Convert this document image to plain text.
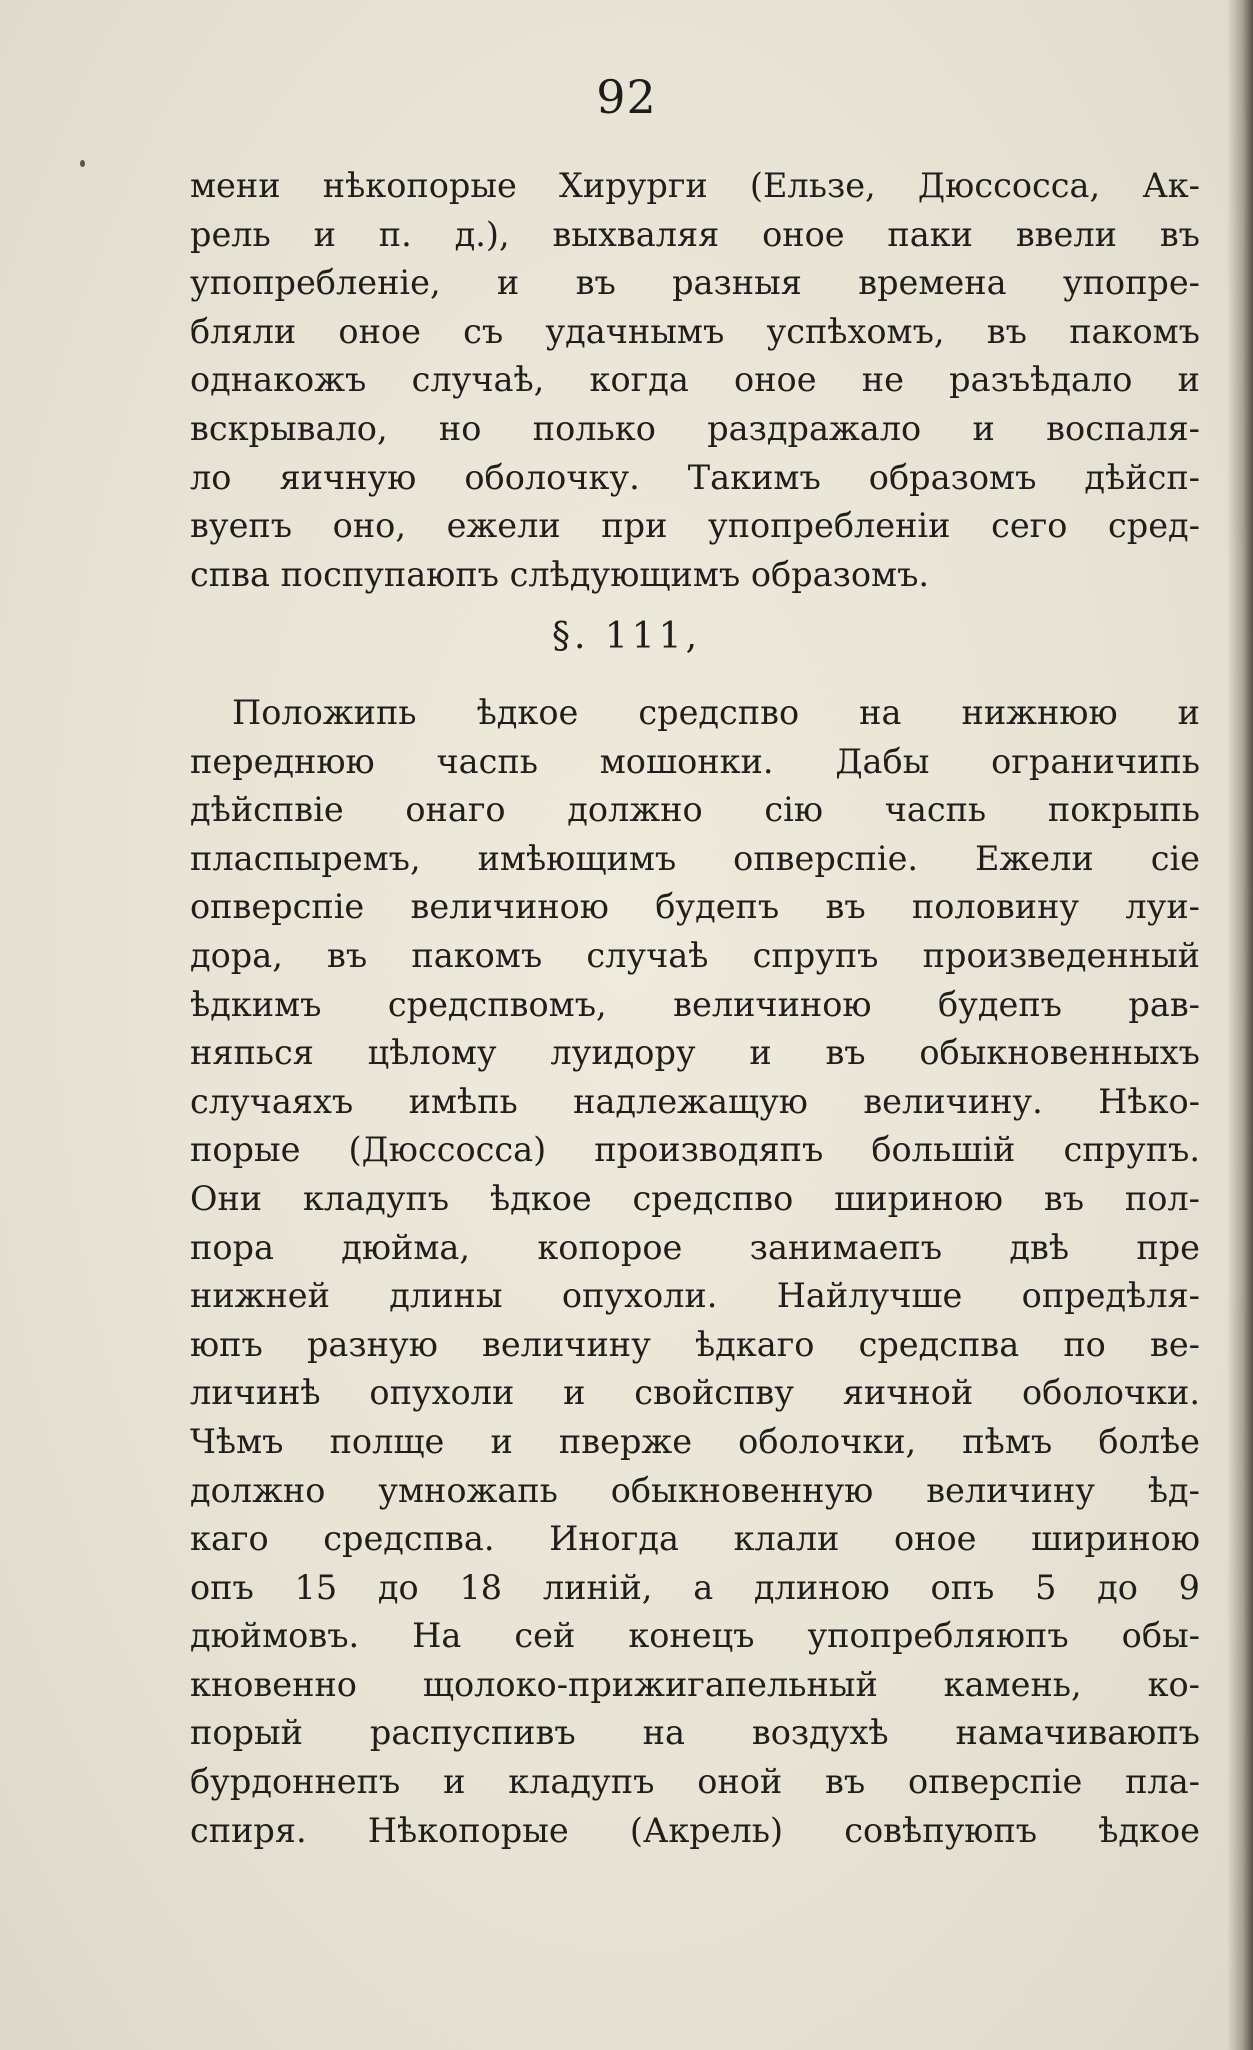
92
мени нѣкопорые Хирурги (Ельзе, Дюссосса, Ак-
рель и п. д.), выхваляя оное паки ввели въ
упопребленіе, и въ разныя времена упопре-
бляли оное съ удачнымъ успѣхомъ, въ пакомъ
однакожъ случаѣ, когда оное не разъѣдало и
вскрывало, но полько раздражало и воспаля-
ло яичную оболочку. Такимъ образомъ дѣйсп-
вуепъ оно, ежели при упопребленіи сего сред-
спва поспупаюпъ слѣдующимъ образомъ.
§. 111,
Положипь ѣдкое средспво на нижнюю и
переднюю часпь мошонки. Дабы ограничипь
дѣйспвіе онаго должно сію часпь покрыпь
пласпыремъ, имѣющимъ опверспіе. Ежели сіе
опверспіе величиною будепъ въ половину луи-
дора, въ пакомъ случаѣ спрупъ произведенный
ѣдкимъ средспвомъ, величиною будепъ рав-
няпься цѣлому луидору и въ обыкновенныхъ
случаяхъ имѣпь надлежащую величину. Нѣко-
порые (Дюссосса) производяпъ большій спрупъ.
Они кладупъ ѣдкое средспво шириною въ пол-
пора дюйма, копорое занимаепъ двѣ пре
нижней длины опухоли. Найлучше опредѣля-
юпъ разную величину ѣдкаго средспва по ве-
личинѣ опухоли и свойспву яичной оболочки.
Чѣмъ полще и пверже оболочки, пѣмъ болѣе
должно умножапь обыкновенную величину ѣд-
каго средспва. Иногда клали оное шириною
опъ 15 до 18 линій, а длиною опъ 5 до 9
дюймовъ. На сей конецъ упопребляюпъ обы-
кновенно щолоко-прижигапельный камень, ко-
порый распуспивъ на воздухѣ намачиваюпъ
бурдоннепъ и кладупъ оной въ опверспіе пла-
спиря. Нѣкопорые (Акрель) совѣпуюпъ ѣдкое
